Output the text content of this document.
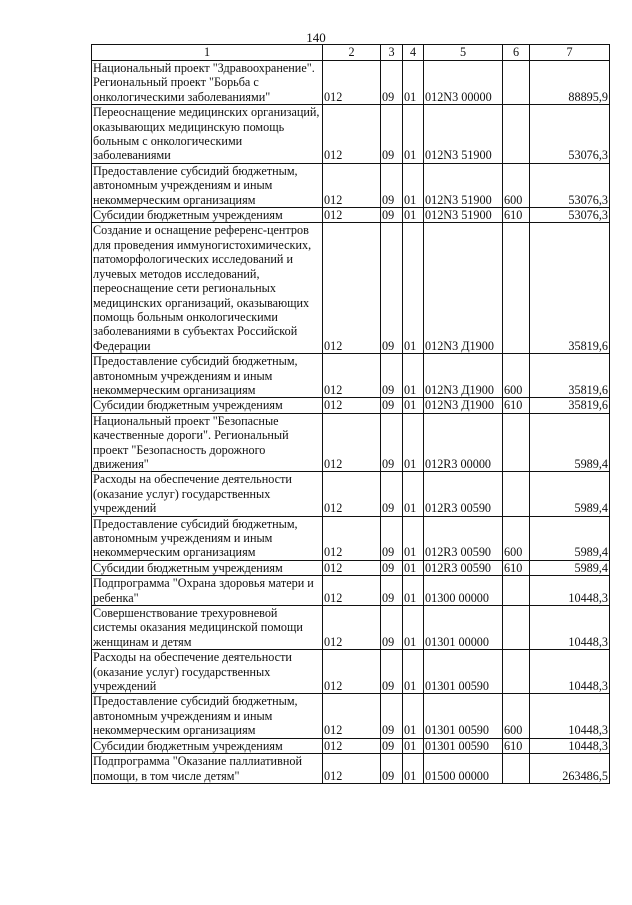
140
1	2	3	4	5	6	7
Национальный проект "Здравоохранение". Региональный проект "Борьба с онкологическими заболеваниями"	012	09	01	012N3 00000		88895,9
Переоснащение медицинских организаций, оказывающих медицинскую помощь больным с онкологическими заболеваниями	012	09	01	012N3 51900		53076,3
Предоставление субсидий бюджетным, автономным учреждениям и иным некоммерческим организациям	012	09	01	012N3 51900	600	53076,3
Субсидии бюджетным учреждениям	012	09	01	012N3 51900	610	53076,3
Создание и оснащение референс-центров для проведения иммуногистохимических, патоморфологических исследований и лучевых методов исследований, переоснащение сети региональных медицинских организаций, оказывающих помощь больным онкологическими заболеваниями в субъектах Российской Федерации	012	09	01	012N3 Д1900		35819,6
Предоставление субсидий бюджетным, автономным учреждениям и иным некоммерческим организациям	012	09	01	012N3 Д1900	600	35819,6
Субсидии бюджетным учреждениям	012	09	01	012N3 Д1900	610	35819,6
Национальный проект "Безопасные качественные дороги". Региональный проект "Безопасность дорожного движения"	012	09	01	012R3 00000		5989,4
Расходы на обеспечение деятельности (оказание услуг) государственных учреждений	012	09	01	012R3 00590		5989,4
Предоставление субсидий бюджетным, автономным учреждениям и иным некоммерческим организациям	012	09	01	012R3 00590	600	5989,4
Субсидии бюджетным учреждениям	012	09	01	012R3 00590	610	5989,4
Подпрограмма "Охрана здоровья матери и ребенка"	012	09	01	01300 00000		10448,3
Совершенствование трехуровневой системы оказания медицинской помощи женщинам и детям	012	09	01	01301 00000		10448,3
Расходы на обеспечение деятельности (оказание услуг) государственных учреждений	012	09	01	01301 00590		10448,3
Предоставление субсидий бюджетным, автономным учреждениям и иным некоммерческим организациям	012	09	01	01301 00590	600	10448,3
Субсидии бюджетным учреждениям	012	09	01	01301 00590	610	10448,3
Подпрограмма "Оказание паллиативной помощи, в том числе детям"	012	09	01	01500 00000		263486,5
